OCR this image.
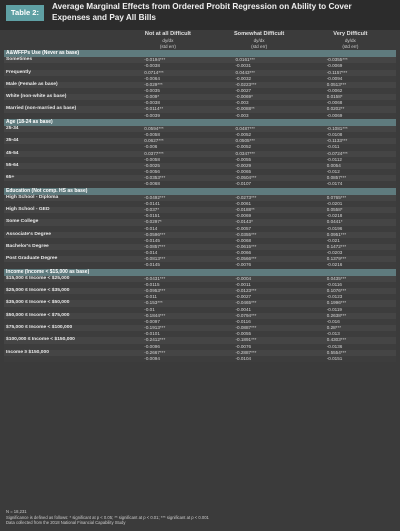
Table 2:
Average Marginal Effects from Ordered Probit Regression on Ability to Cover Expenses and Pay All Bills
	Not at all Difficult	Somewhat Difficult	Very Difficult
	dy/dx	dy/dx	dy/dx
	(std err)	(std err)	(std err)
A&WFFPs Use (Never as base)			
Sometimes	-0.0194***	0.0161***	-0.0355***
	-0.0038	-0.0031	-0.0069
Frequently	0.0714***	0.0443***	-0.1157***
	-0.0064	-0.0032	-0.0094
Male (Female as base)	-0.029***	-0.0223***	0.0513***
	-0.0035	-0.0027	-0.0062
White (non-white as base)	-0.009*	-0.0069*	0.0158*
	-0.0038	-0.003	-0.0068
Married (non-married as base)	-0.0114**	-0.0088**	0.0202**
	-0.0039	-0.003	-0.0069
Age (18-24 as base)			
25-34	0.0594***	0.0487***	-0.1081***
	-0.0058	-0.0052	-0.0108
35-44	0.0627***	0.0505***	-0.1133***
	-0.006	-0.0052	-0.011
45-54	0.0377***	0.0347***	-0.0724***
	-0.0058	-0.0055	-0.0112
55-64	-0.0025	-0.0029	0.0054
	-0.0056	-0.0065	-0.012
65+	-0.0353***	-0.0504***	0.0857***
	-0.0068	-0.0107	-0.0174
Education (Not comp. HS as base)			
High School - Diploma	-0.0492***	-0.0273***	0.0765***
	-0.0141	-0.0061	-0.0201
High School - GED	-0.037*	-0.0188**	0.0558*
	-0.0151	-0.0069	-0.0218
Some College	-0.0297*	-0.0143*	0.0441*
	-0.014	-0.0057	-0.0196
Associate's Degree	-0.0596***	-0.0355***	0.0951***
	-0.0145	-0.0068	-0.021
Bachelor's Degree	-0.0857***	-0.0615***	0.1472***
	-0.014	-0.0066	-0.0203
Post Graduate Degree	-0.0813***	-0.0566***	0.1379***
	-0.0145	-0.0076	-0.0216
Income (Income < $15,000 as base)			
$15,000 ≤ Income < $25,000	-0.0431***	-0.0004	0.0435***
	-0.0115	-0.0011	-0.0116
$25,000 ≤ Income < $35,000	-0.0953***	-0.0123***	0.1076***
	-0.011	-0.0027	-0.0123
$35,000 ≤ Income < $50,000	-0.153***	-0.0465***	0.1996***
	-0.01	-0.0041	-0.0119
$50,000 ≤ Income < $75,000	-0.1844***	-0.0794***	0.2638***
	-0.0097	-0.0116	-0.016
$75,000 ≤ Income < $100,000	-0.1913***	-0.0887***	0.28***
	-0.0101	-0.0055	-0.013
$100,000 ≤ Income < $150,000	-0.2412***	-0.1891***	0.4303***
	-0.0096	-0.0076	-0.0136
Income ≥ $150,000	-0.2667***	-0.2887***	0.5554***
	-0.0094	-0.0104	-0.0151
N = 18,231
Significance is defined as follows: * significant at p < 0.05; ** significant at p < 0.01; *** significant at p < 0.001
Data collected from the 2018 National Financial Capability Study
